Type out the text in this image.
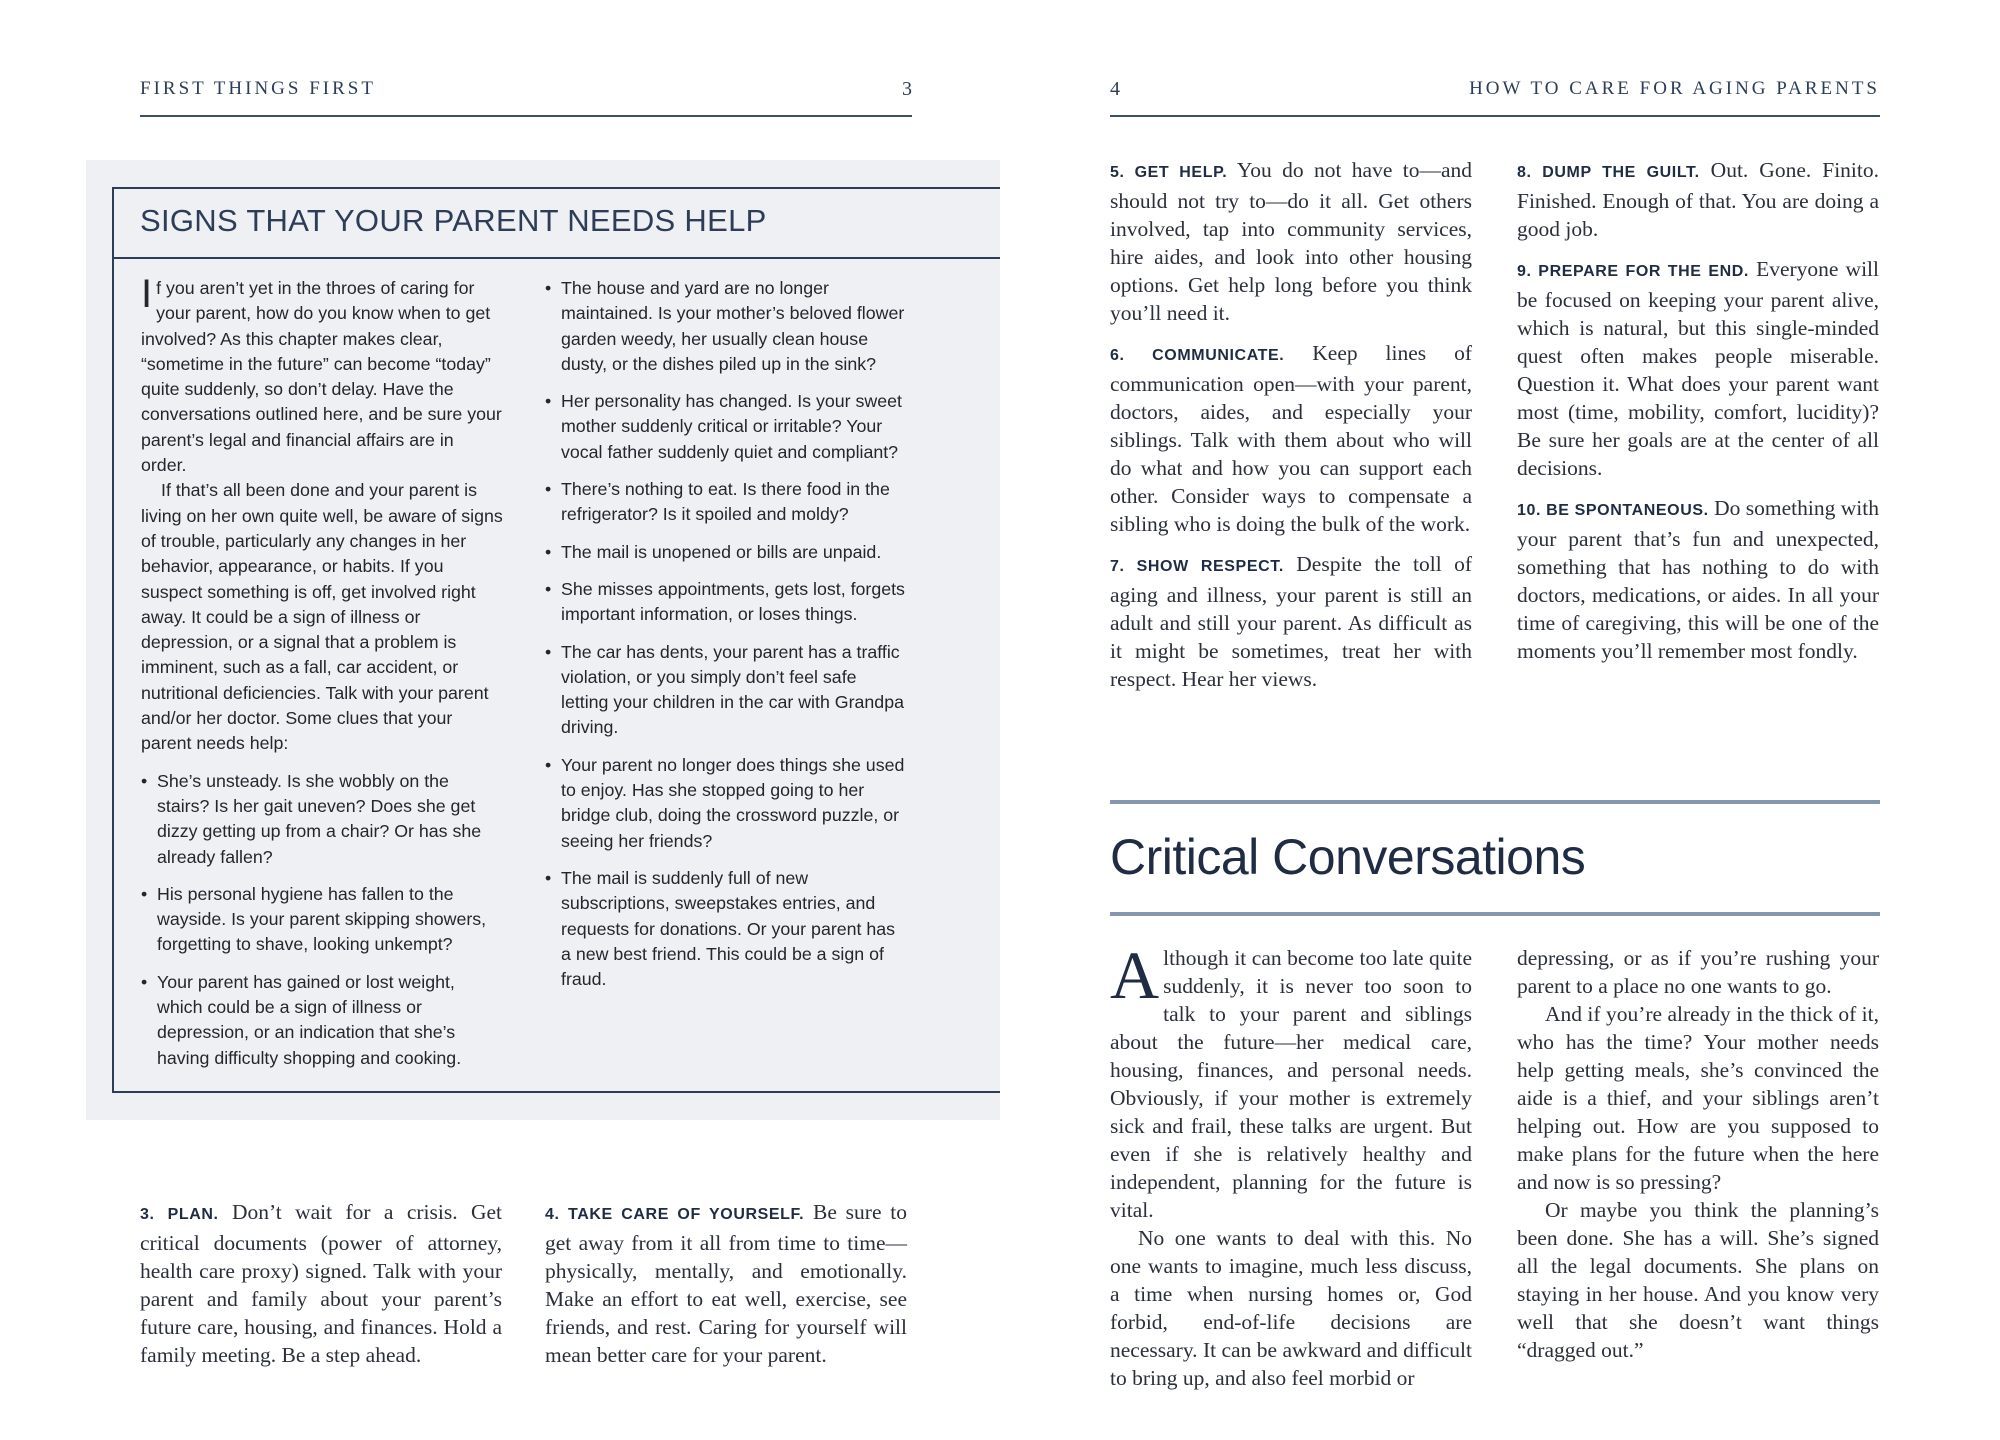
FIRST THINGS FIRST	3
SIGNS THAT YOUR PARENT NEEDS HELP

If you aren’t yet in the throes of caring for your parent, how do you know when to get involved? As this chapter makes clear, “sometime in the future” can become “today” quite suddenly, so don’t delay. Have the conversations outlined here, and be sure your parent’s legal and financial affairs are in order.

If that’s all been done and your parent is living on her own quite well, be aware of signs of trouble, particularly any changes in her behavior, appearance, or habits. If you suspect something is off, get involved right away. It could be a sign of illness or depression, or a signal that a problem is imminent, such as a fall, car accident, or nutritional deficiencies. Talk with your parent and/or her doctor. Some clues that your parent needs help:

• She’s unsteady. Is she wobbly on the stairs? Is her gait uneven? Does she get dizzy getting up from a chair? Or has she already fallen?
• His personal hygiene has fallen to the wayside. Is your parent skipping showers, forgetting to shave, looking unkempt?
• Your parent has gained or lost weight, which could be a sign of illness or depression, or an indication that she’s having difficulty shopping and cooking.
• The house and yard are no longer maintained. Is your mother’s beloved flower garden weedy, her usually clean house dusty, or the dishes piled up in the sink?
• Her personality has changed. Is your sweet mother suddenly critical or irritable? Your vocal father suddenly quiet and compliant?
• There’s nothing to eat. Is there food in the refrigerator? Is it spoiled and moldy?
• The mail is unopened or bills are unpaid.
• She misses appointments, gets lost, forgets important information, or loses things.
• The car has dents, your parent has a traffic violation, or you simply don’t feel safe letting your children in the car with Grandpa driving.
• Your parent no longer does things she used to enjoy. Has she stopped going to her bridge club, doing the crossword puzzle, or seeing her friends?
• The mail is suddenly full of new subscriptions, sweepstakes entries, and requests for donations. Or your parent has a new best friend. This could be a sign of fraud.

3. PLAN. Don’t wait for a crisis. Get critical documents (power of attorney, health care proxy) signed. Talk with your parent and family about your parent’s future care, housing, and finances. Hold a family meeting. Be a step ahead.

4. TAKE CARE OF YOURSELF. Be sure to get away from it all from time to time—physically, mentally, and emotionally. Make an effort to eat well, exercise, see friends, and rest. Caring for yourself will mean better care for your parent.

4	HOW TO CARE FOR AGING PARENTS

5. GET HELP. You do not have to—and should not try to—do it all. Get others involved, tap into community services, hire aides, and look into other housing options. Get help long before you think you’ll need it.

6. COMMUNICATE. Keep lines of communication open—with your parent, doctors, aides, and especially your siblings. Talk with them about who will do what and how you can support each other. Consider ways to compensate a sibling who is doing the bulk of the work.

7. SHOW RESPECT. Despite the toll of aging and illness, your parent is still an adult and still your parent. As difficult as it might be sometimes, treat her with respect. Hear her views.

8. DUMP THE GUILT. Out. Gone. Finito. Finished. Enough of that. You are doing a good job.

9. PREPARE FOR THE END. Everyone will be focused on keeping your parent alive, which is natural, but this single-minded quest often makes people miserable. Question it. What does your parent want most (time, mobility, comfort, lucidity)? Be sure her goals are at the center of all decisions.

10. BE SPONTANEOUS. Do something with your parent that’s fun and unexpected, something that has nothing to do with doctors, medications, or aides. In all your time of caregiving, this will be one of the moments you’ll remember most fondly.

Critical Conversations

Although it can become too late quite suddenly, it is never too soon to talk to your parent and siblings about the future—her medical care, housing, finances, and personal needs. Obviously, if your mother is extremely sick and frail, these talks are urgent. But even if she is relatively healthy and independent, planning for the future is vital.

No one wants to deal with this. No one wants to imagine, much less discuss, a time when nursing homes or, God forbid, end-of-life decisions are necessary. It can be awkward and difficult to bring up, and also feel morbid or

depressing, or as if you’re rushing your parent to a place no one wants to go.

And if you’re already in the thick of it, who has the time? Your mother needs help getting meals, she’s convinced the aide is a thief, and your siblings aren’t helping out. How are you supposed to make plans for the future when the here and now is so pressing?

Or maybe you think the planning’s been done. She has a will. She’s signed all the legal documents. She plans on staying in her house. And you know very well that she doesn’t want things “dragged out.”
